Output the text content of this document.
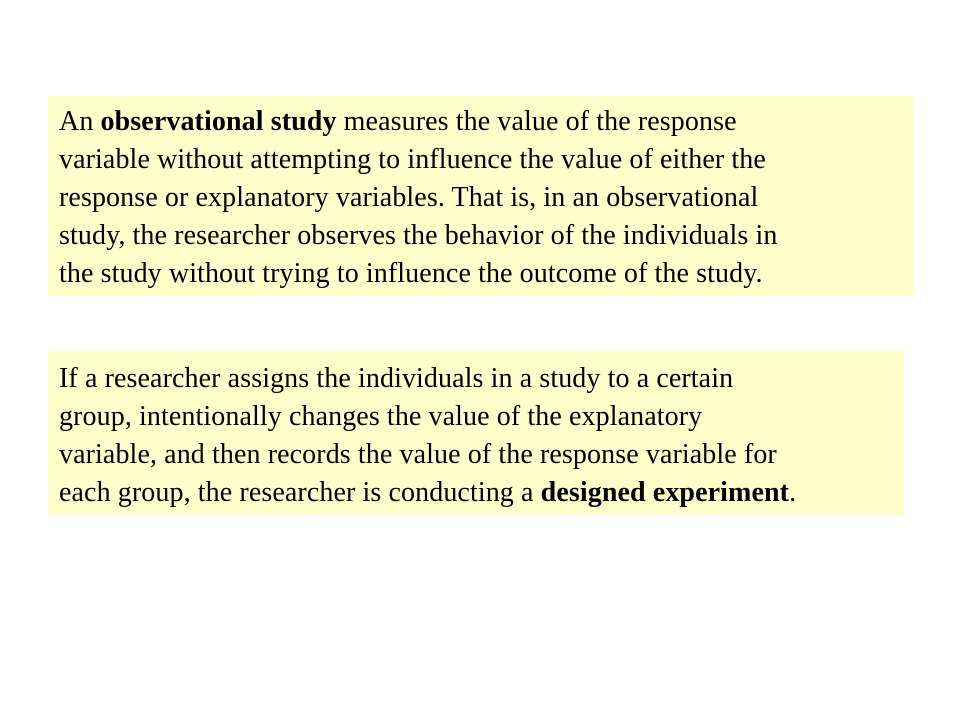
An observational study measures the value of the response
variable without attempting to influence the value of either the
response or explanatory variables. That is, in an observational
study, the researcher observes the behavior of the individuals in
the study without trying to influence the outcome of the study.

If a researcher assigns the individuals in a study to a certain
group, intentionally changes the value of the explanatory
variable, and then records the value of the response variable for
each group, the researcher is conducting a designed experiment.
